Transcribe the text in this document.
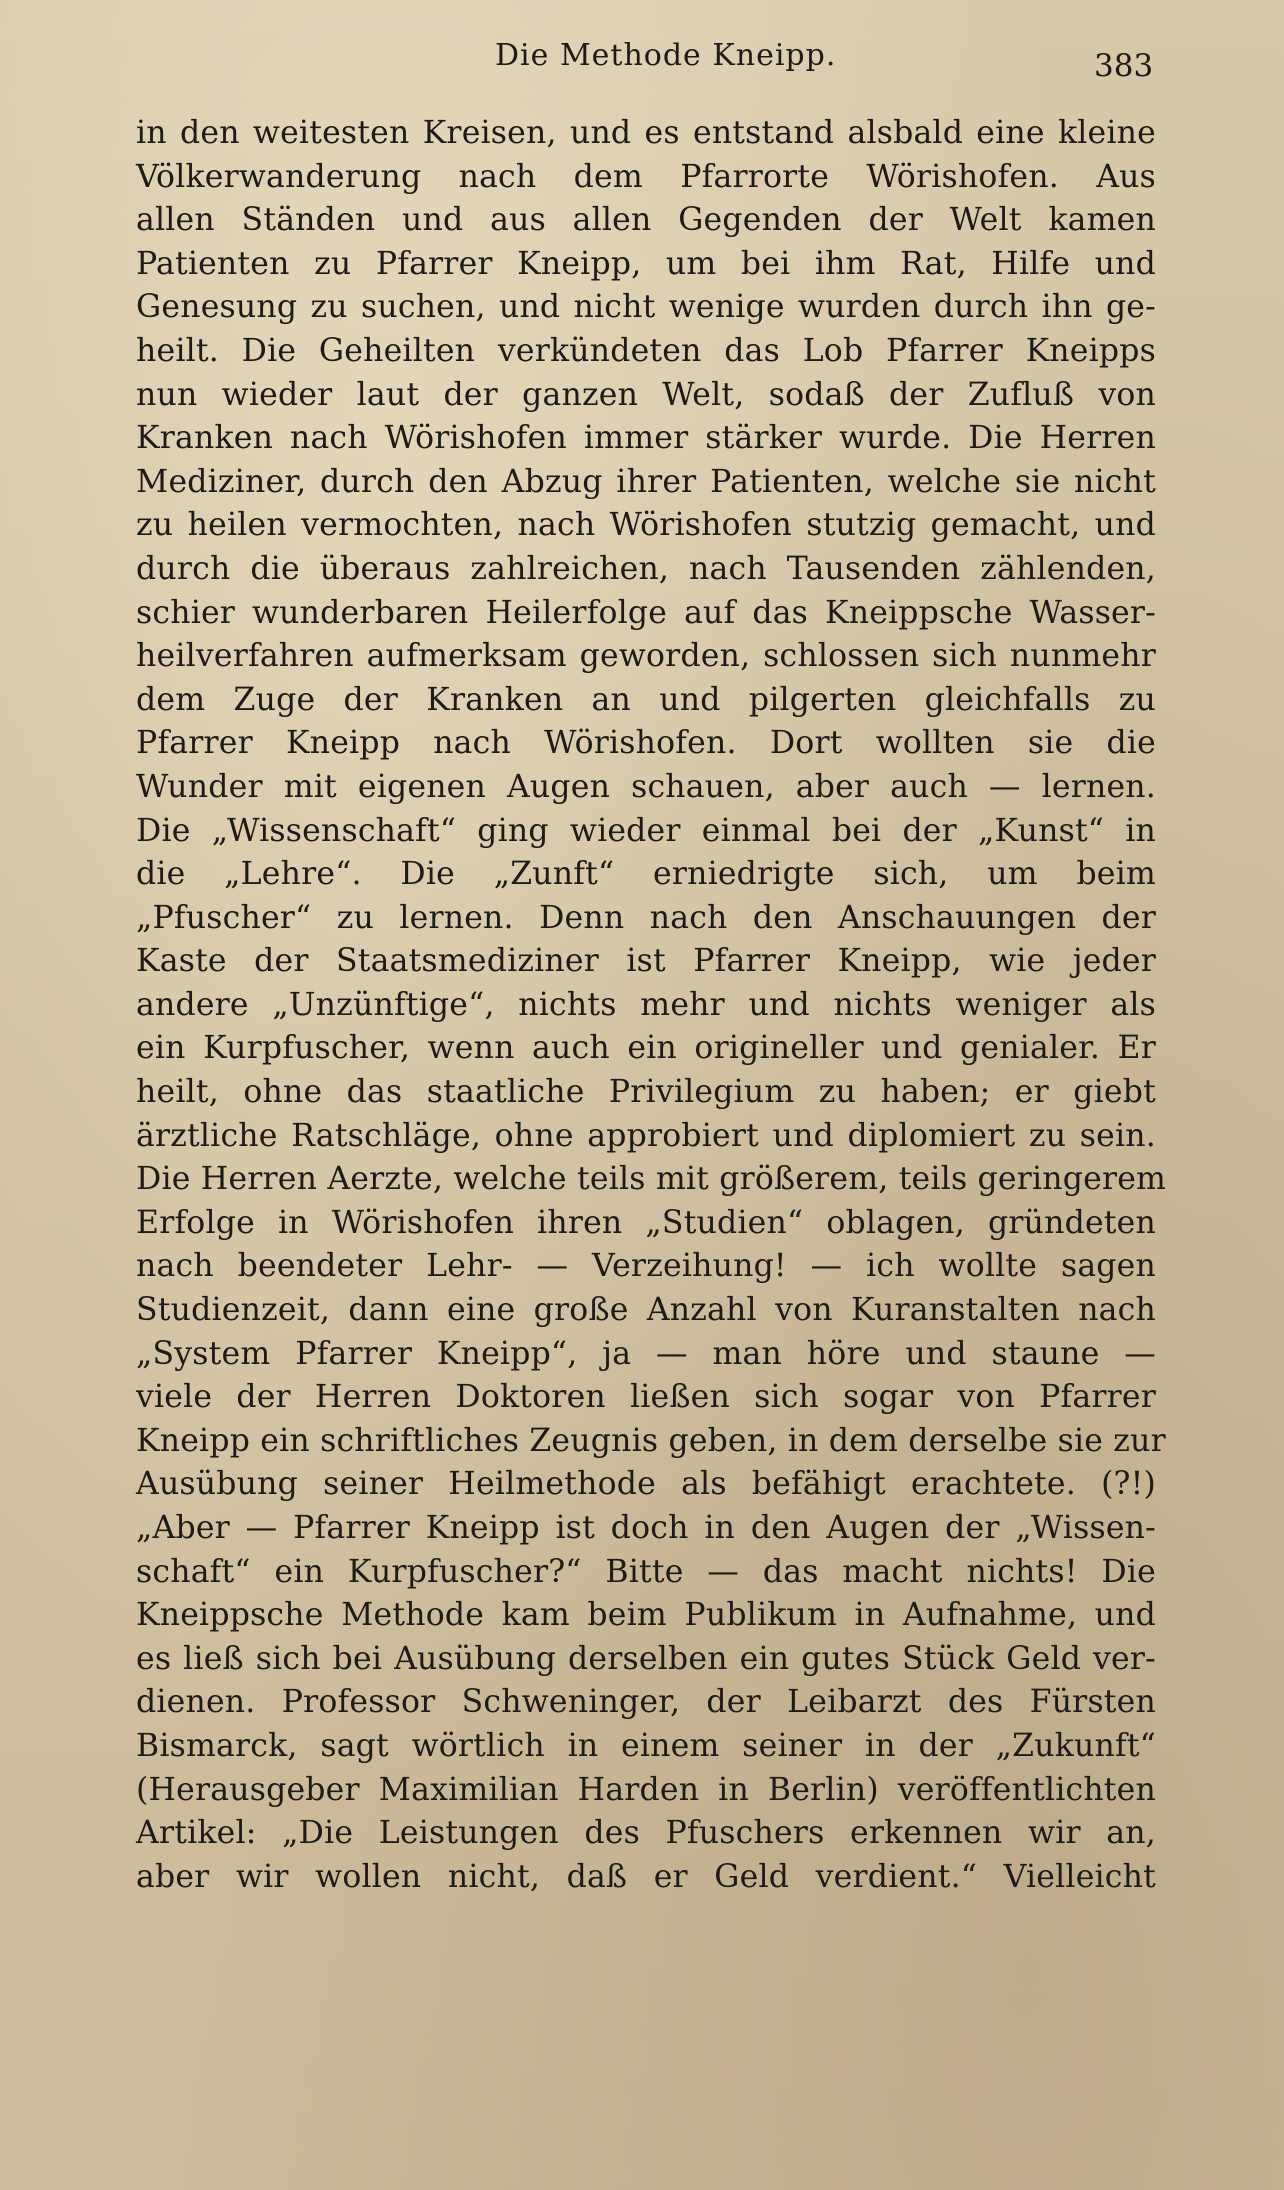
Die Methode Kneipp.	383
in den weitesten Kreisen, und es entstand alsbald eine kleine
Völkerwanderung nach dem Pfarrorte Wörishofen. Aus
allen Ständen und aus allen Gegenden der Welt kamen
Patienten zu Pfarrer Kneipp, um bei ihm Rat, Hilfe und
Genesung zu suchen, und nicht wenige wurden durch ihn ge-
heilt. Die Geheilten verkündeten das Lob Pfarrer Kneipps
nun wieder laut der ganzen Welt, sodaß der Zufluß von
Kranken nach Wörishofen immer stärker wurde. Die Herren
Mediziner, durch den Abzug ihrer Patienten, welche sie nicht
zu heilen vermochten, nach Wörishofen stutzig gemacht, und
durch die überaus zahlreichen, nach Tausenden zählenden,
schier wunderbaren Heilerfolge auf das Kneippsche Wasser-
heilverfahren aufmerksam geworden, schlossen sich nunmehr
dem Zuge der Kranken an und pilgerten gleichfalls zu
Pfarrer Kneipp nach Wörishofen. Dort wollten sie die
Wunder mit eigenen Augen schauen, aber auch — lernen.
Die „Wissenschaft“ ging wieder einmal bei der „Kunst“ in
die „Lehre“. Die „Zunft“ erniedrigte sich, um beim
„Pfuscher“ zu lernen. Denn nach den Anschauungen der
Kaste der Staatsmediziner ist Pfarrer Kneipp, wie jeder
andere „Unzünftige“, nichts mehr und nichts weniger als
ein Kurpfuscher, wenn auch ein origineller und genialer. Er
heilt, ohne das staatliche Privilegium zu haben; er giebt
ärztliche Ratschläge, ohne approbiert und diplomiert zu sein.
Die Herren Aerzte, welche teils mit größerem, teils geringerem
Erfolge in Wörishofen ihren „Studien“ oblagen, gründeten
nach beendeter Lehr- — Verzeihung! — ich wollte sagen
Studienzeit, dann eine große Anzahl von Kuranstalten nach
„System Pfarrer Kneipp“, ja — man höre und staune —
viele der Herren Doktoren ließen sich sogar von Pfarrer
Kneipp ein schriftliches Zeugnis geben, in dem derselbe sie zur
Ausübung seiner Heilmethode als befähigt erachtete. (?!)
„Aber — Pfarrer Kneipp ist doch in den Augen der „Wissen-
schaft“ ein Kurpfuscher?“ Bitte — das macht nichts! Die
Kneippsche Methode kam beim Publikum in Aufnahme, und
es ließ sich bei Ausübung derselben ein gutes Stück Geld ver-
dienen. Professor Schweninger, der Leibarzt des Fürsten
Bismarck, sagt wörtlich in einem seiner in der „Zukunft“
(Herausgeber Maximilian Harden in Berlin) veröffentlichten
Artikel: „Die Leistungen des Pfuschers erkennen wir an,
aber wir wollen nicht, daß er Geld verdient.“ Vielleicht
